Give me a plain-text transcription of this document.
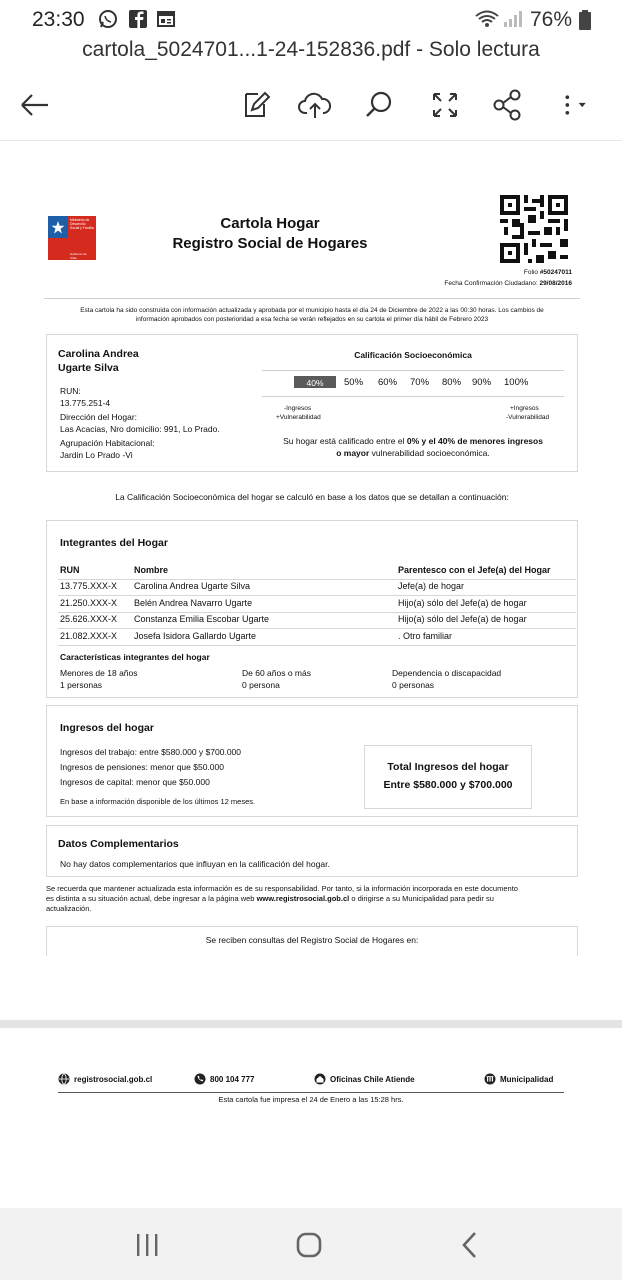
23:30	76%
cartola_5024701...1-24-152836.pdf - Solo lectura
Ministerio de Desarrollo Social y Familia
Gobierno de Chile
Cartola Hogar
Registro Social de Hogares
Folio #50247011
Fecha Confirmación Ciudadano: 29/08/2016
Esta cartola ha sido construida con información actualizada y aprobada por el municipio hasta el día 24 de Diciembre de 2022 a las 00:30 horas. Los cambios de
información aprobados con posterioridad a esa fecha se verán reflejados en su cartola el primer día hábil de Febrero 2023
Carolina Andrea
Ugarte Silva
RUN:
13.775.251-4
Dirección del Hogar:
Las Acacias, Nro domicilio: 991, Lo Prado.
Agrupación Habitacional:
Jardin Lo Prado -Vi
Calificación Socioeconómica
40%	50% 60% 70% 80% 90% 100%
-Ingresos
+Vulnerabilidad
+Ingresos
-Vulnerabilidad
Su hogar está calificado entre el 0% y el 40% de menores ingresos
o mayor vulnerabilidad socioeconómica.
La Calificación Socioeconómica del hogar se calculó en base a los datos que se detallan a continuación:
Integrantes del Hogar
RUN	Nombre	Parentesco con el Jefe(a) del Hogar
13.775.XXX-X Carolina Andrea Ugarte Silva	Jefe(a) de hogar
21.250.XXX-X Belén Andrea Navarro Ugarte	Hijo(a) sólo del Jefe(a) de hogar
25.626.XXX-X Constanza Emilia Escobar Ugarte	Hijo(a) sólo del Jefe(a) de hogar
21.082.XXX-X Josefa Isidora Gallardo Ugarte	. Otro familiar
Características integrantes del hogar
Menores de 18 años
1 personas
De 60 años o más
0 persona
Dependencia o discapacidad
0 personas
Ingresos del hogar
Ingresos del trabajo: entre $580.000 y $700.000
Ingresos de pensiones: menor que $50.000
Ingresos de capital: menor que $50.000
En base a información disponible de los últimos 12 meses.
Total Ingresos del hogar
Entre $580.000 y $700.000
Datos Complementarios
No hay datos complementarios que influyan en la calificación del hogar.
Se recuerda que mantener actualizada esta información es de su responsabilidad. Por tanto, si la información incorporada en este documento
es distinta a su situación actual, debe ingresar a la página web www.registrosocial.gob.cl o dirigirse a su Municipalidad para pedir su
actualización.
Se reciben consultas del Registro Social de Hogares en:
registrosocial.gob.cl	800 104 777	Oficinas Chile Atiende	Municipalidad
Esta cartola fue impresa el 24 de Enero a las 15:28 hrs.
